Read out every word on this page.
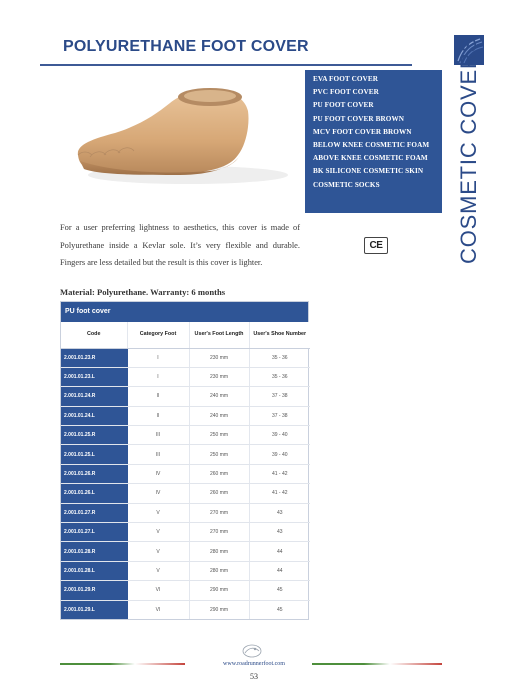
POLYURETHANE FOOT COVER	COSMETIC COVERS
EVA FOOT COVER
PVC FOOT COVER
PU FOOT COVER
PU FOOT COVER BROWN
MCV FOOT COVER BROWN
BELOW KNEE COSMETIC FOAM
ABOVE KNEE COSMETIC FOAM
BK SILICONE COSMETIC SKIN
COSMETIC SOCKS

For a user preferring lightness to aesthetics, this cover is made of Polyurethane inside a Kevlar sole. It’s very flexible and durable. Fingers are less detailed but the result is this cover is lighter.

CE
Material: Polyurethane. Warranty: 6 months
PU foot cover
Code	Category Foot	User's Foot Length	User's Shoe Number
2.001.01.23.R	I	230 mm	35 - 36
2.001.01.23.L	I	230 mm	35 - 36
2.001.01.24.R	II	240 mm	37 - 38
2.001.01.24.L	II	240 mm	37 - 38
2.001.01.25.R	III	250 mm	39 - 40
2.001.01.25.L	III	250 mm	39 - 40
2.001.01.26.R	IV	260 mm	41 - 42
2.001.01.26.L	IV	260 mm	41 - 42
2.001.01.27.R	V	270 mm	43
2.001.01.27.L	V	270 mm	43
2.001.01.28.R	V	280 mm	44
2.001.01.28.L	V	280 mm	44
2.001.01.29.R	VI	290 mm	45
2.001.01.29.L	VI	290 mm	45
www.roadrunnerfoot.com
53
